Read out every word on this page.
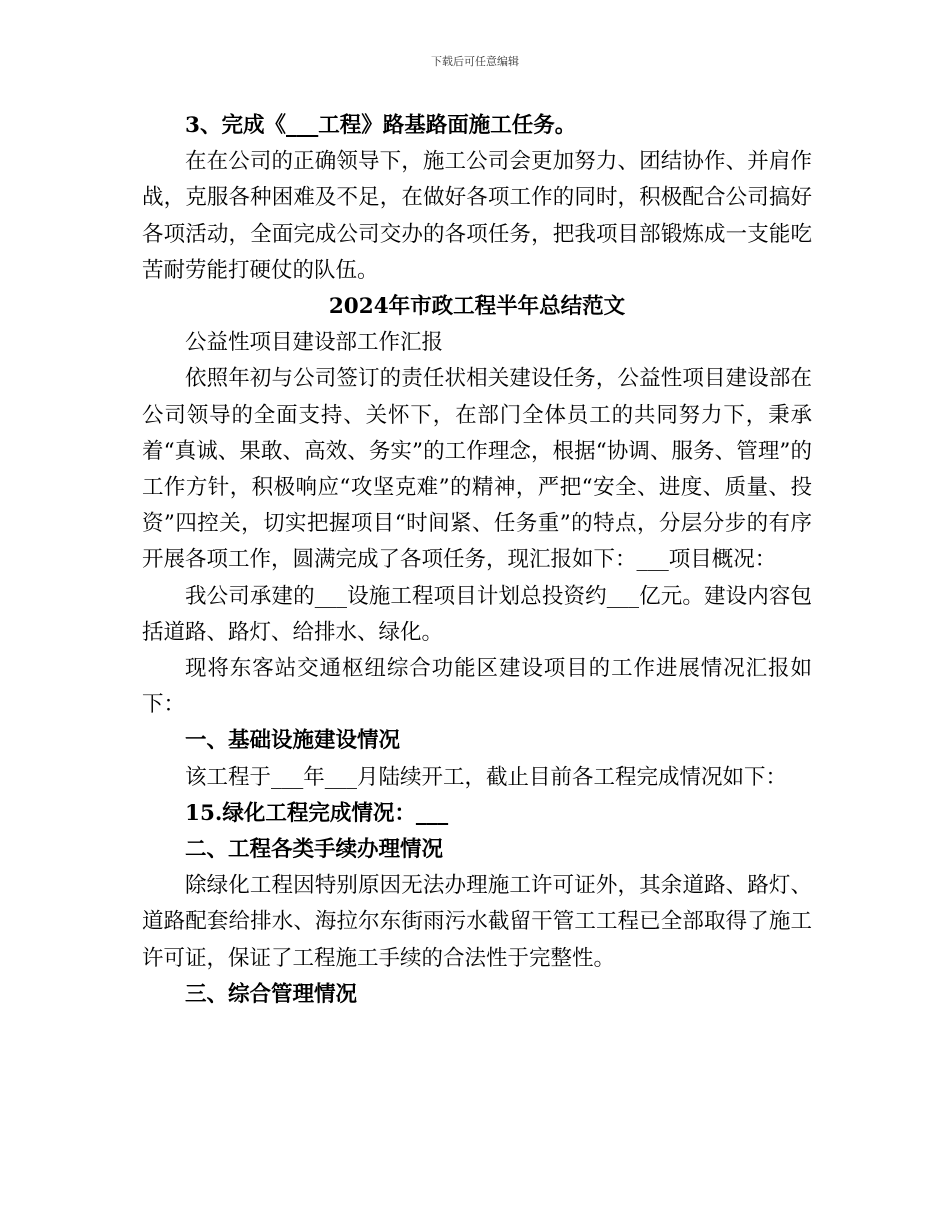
下载后可任意编辑

3、完成《___工程》路基路面施工任务。

在在公司的正确领导下，施工公司会更加努力、团结协作、并肩作战，克服各种困难及不足，在做好各项工作的同时，积极配合公司搞好各项活动，全面完成公司交办的各项任务，把我项目部锻炼成一支能吃苦耐劳能打硬仗的队伍。

2024年市政工程半年总结范文

公益性项目建设部工作汇报

依照年初与公司签订的责任状相关建设任务，公益性项目建设部在公司领导的全面支持、关怀下，在部门全体员工的共同努力下，秉承着“真诚、果敢、高效、务实”的工作理念，根据“协调、服务、管理”的工作方针，积极响应“攻坚克难”的精神，严把“安全、进度、质量、投资”四控关，切实把握项目“时间紧、任务重”的特点，分层分步的有序开展各项工作，圆满完成了各项任务，现汇报如下：___项目概况：

我公司承建的___设施工程项目计划总投资约___亿元。建设内容包括道路、路灯、给排水、绿化。

现将东客站交通枢纽综合功能区建设项目的工作进展情况汇报如下：

一、基础设施建设情况

该工程于___年___月陆续开工，截止目前各工程完成情况如下：

15.绿化工程完成情况：___

二、工程各类手续办理情况

除绿化工程因特别原因无法办理施工许可证外，其余道路、路灯、道路配套给排水、海拉尔东街雨污水截留干管工工程已全部取得了施工许可证，保证了工程施工手续的合法性于完整性。

三、综合管理情况
